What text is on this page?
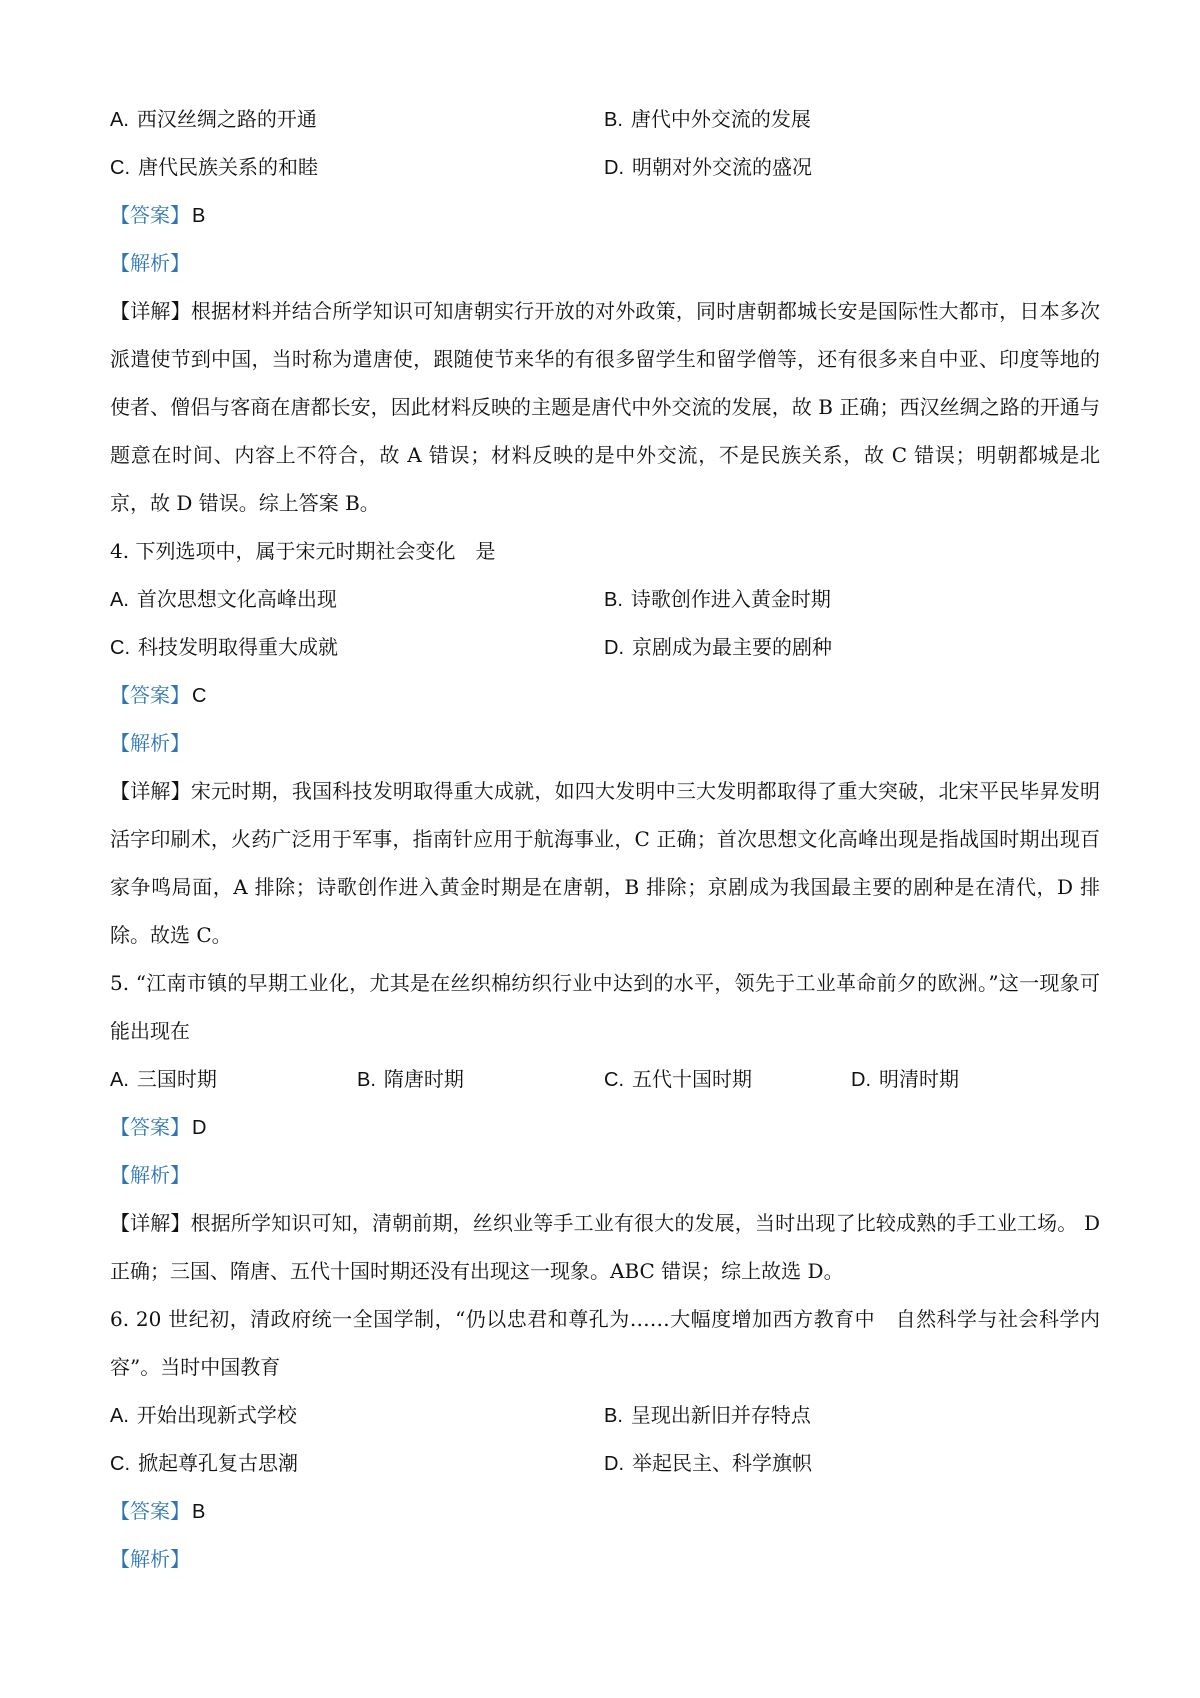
A. 西汉丝绸之路的开通	B. 唐代中外交流的发展
C. 唐代民族关系的和睦	D. 明朝对外交流的盛况
【答案】 B
【解析】
【详解】根据材料并结合所学知识可知唐朝实行开放的对外政策，同时唐朝都城长安是国际性大都市，日本多次派遣使节到中国，当时称为遣唐使，跟随使节来华的有很多留学生和留学僧等，还有很多来自中亚、印度等地的使者、僧侣与客商在唐都长安，因此材料反映的主题是唐代中外交流的发展，故 B 正确；西汉丝绸之路的开通与题意在时间、内容上不符合，故 A 错误；材料反映的是中外交流，不是民族关系，故 C 错误；明朝都城是北京，故 D 错误。综上答案 B。
4. 下列选项中，属于宋元时期社会变化　是
A. 首次思想文化高峰出现	B. 诗歌创作进入黄金时期
C. 科技发明取得重大成就	D. 京剧成为最主要的剧种
【答案】 C
【解析】
【详解】宋元时期，我国科技发明取得重大成就，如四大发明中三大发明都取得了重大突破，北宋平民毕昇发明活字印刷术，火药广泛用于军事，指南针应用于航海事业，C 正确；首次思想文化高峰出现是指战国时期出现百家争鸣局面，A 排除；诗歌创作进入黄金时期是在唐朝，B 排除；京剧成为我国最主要的剧种是在清代，D 排除。故选 C。
5. “江南市镇的早期工业化，尤其是在丝织棉纺织行业中达到的水平，领先于工业革命前夕的欧洲。”这一现象可能出现在
A. 三国时期	B. 隋唐时期	C. 五代十国时期	D. 明清时期
【答案】 D
【解析】
【详解】根据所学知识可知，清朝前期，丝织业等手工业有很大的发展，当时出现了比较成熟的手工业工场。 D 正确；三国、隋唐、五代十国时期还没有出现这一现象。ABC 错误；综上故选 D。
6. 20 世纪初，清政府统一全国学制，“仍以忠君和尊孔为……大幅度增加西方教育中　自然科学与社会科学内容”。当时中国教育
A. 开始出现新式学校	B. 呈现出新旧并存特点
C. 掀起尊孔复古思潮	D. 举起民主、科学旗帜
【答案】 B
【解析】
